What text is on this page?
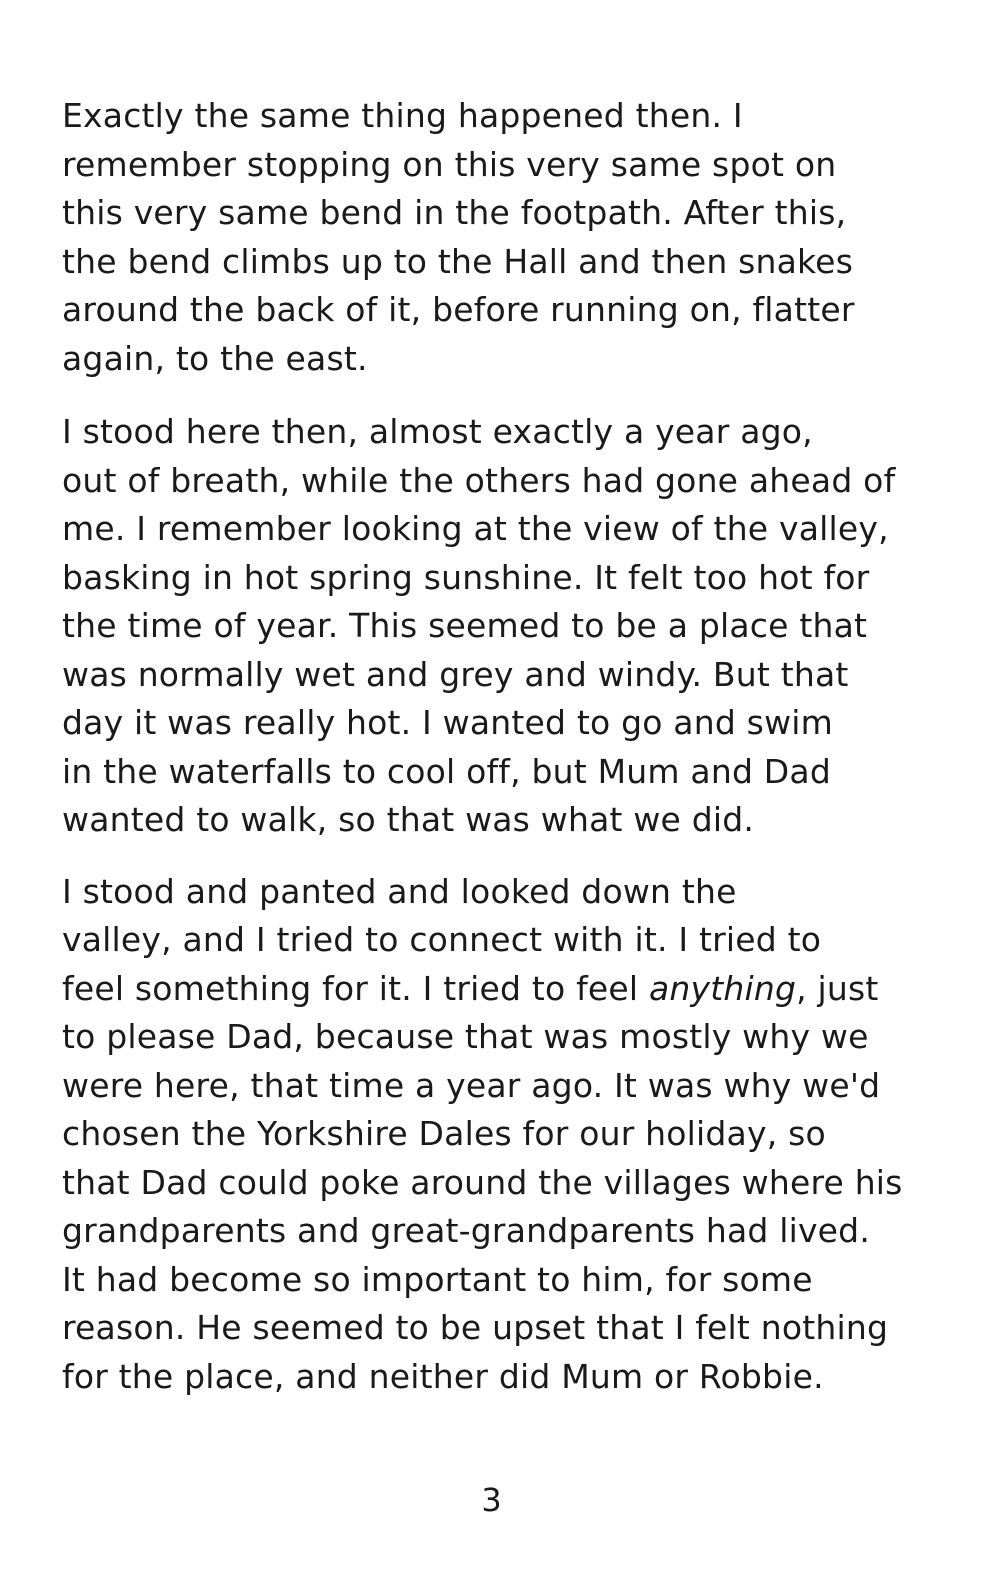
Exactly the same thing happened then. I
remember stopping on this very same spot on
this very same bend in the footpath. After this,
the bend climbs up to the Hall and then snakes
around the back of it, before running on, flatter
again, to the east.

I stood here then, almost exactly a year ago,
out of breath, while the others had gone ahead of
me. I remember looking at the view of the valley,
basking in hot spring sunshine. It felt too hot for
the time of year. This seemed to be a place that
was normally wet and grey and windy. But that
day it was really hot. I wanted to go and swim
in the waterfalls to cool off, but Mum and Dad
wanted to walk, so that was what we did.

I stood and panted and looked down the
valley, and I tried to connect with it. I tried to
feel something for it. I tried to feel anything, just
to please Dad, because that was mostly why we
were here, that time a year ago. It was why we'd
chosen the Yorkshire Dales for our holiday, so
that Dad could poke around the villages where his
grandparents and great-grandparents had lived.
It had become so important to him, for some
reason. He seemed to be upset that I felt nothing
for the place, and neither did Mum or Robbie.

3
